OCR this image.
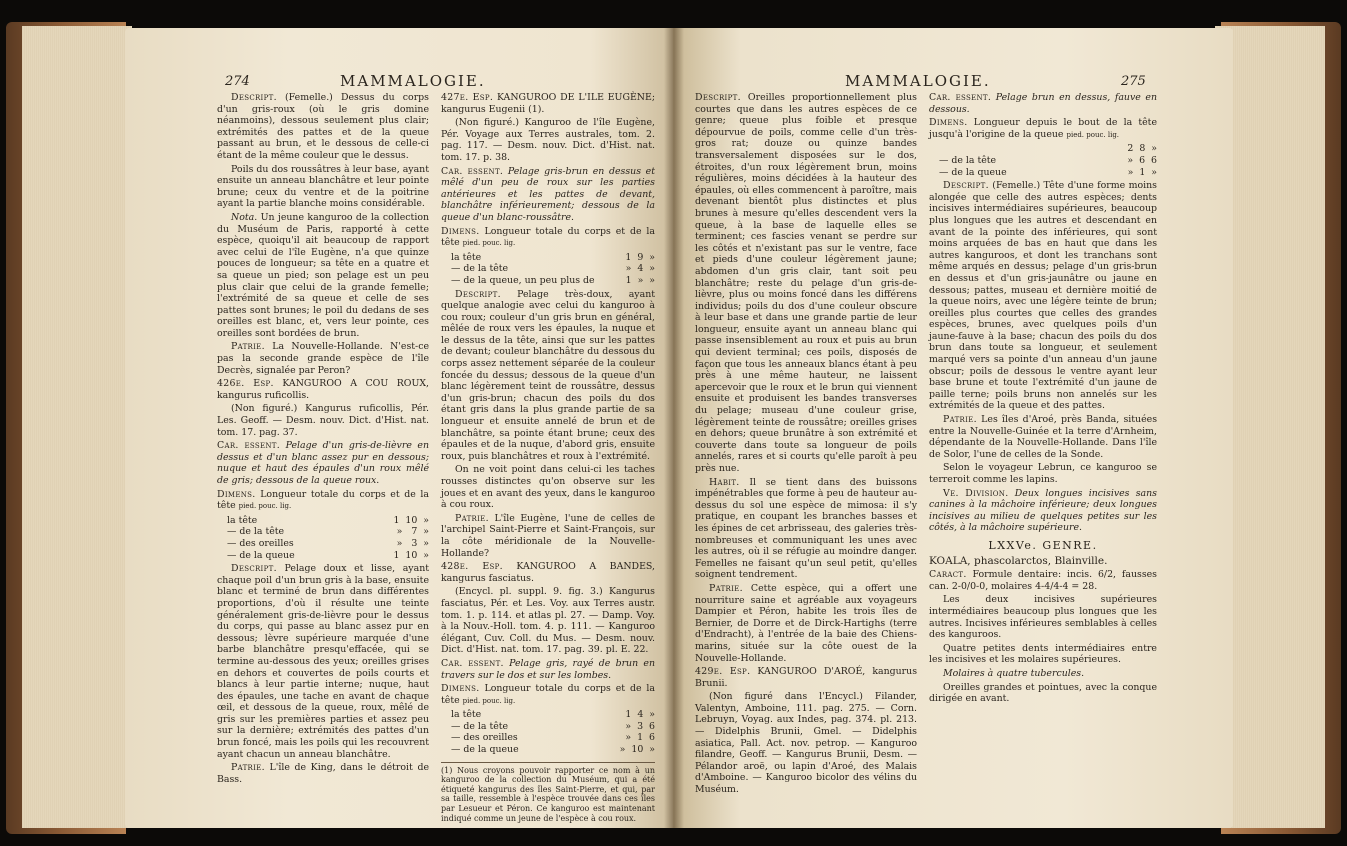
274	MAMMALOGIE.

Descript. (Femelle.) Dessus du corps d'un gris-roux (où le gris domine néanmoins), dessous seulement plus clair; extrémités des pattes et de la queue passant au brun, et le dessous de celle-ci étant de la même couleur que le dessus.

Poils du dos roussâtres à leur base, ayant ensuite un anneau blanchâtre et leur pointe brune; ceux du ventre et de la poitrine ayant la partie blanche moins considérable.

Nota. Un jeune kanguroo de la collection du Muséum de Paris, rapporté à cette espèce, quoiqu'il ait beaucoup de rapport avec celui de l'île Eugène, n'a que quinze pouces de longueur; sa tête en a quatre et sa queue un pied; son pelage est un peu plus clair que celui de la grande femelle; l'extrémité de sa queue et celle de ses pattes sont brunes; le poil du dedans de ses oreilles est blanc, et, vers leur pointe, ces oreilles sont bordées de brun.

Patrie. La Nouvelle-Hollande. N'est-ce pas la seconde grande espèce de l'île Decrès, signalée par Peron?

426e. Esp. KANGUROO A COU ROUX, kangurus ruficollis.

(Non figuré.) Kangurus ruficollis, Pér. Les. Geoff. — Desm. nouv. Dict. d'Hist. nat. tom. 17. pag. 37.

Car. essent. Pelage d'un gris-de-lièvre en dessus et d'un blanc assez pur en dessous; nuque et haut des épaules d'un roux mêlé de gris; dessous de la queue roux.

Dimens. Longueur totale du corps et de la tête pied. pouc. lig.

la tête	1  10  »
— de la tête	»   7  »
— des oreilles	»   3  »
— de la queue	1  10  »

Descript. Pelage doux et lisse, ayant chaque poil d'un brun gris à la base, ensuite blanc et terminé de brun dans différentes proportions, d'où il résulte une teinte généralement gris-de-lièvre pour le dessus du corps, qui passe au blanc assez pur en dessous; lèvre supérieure marquée d'une barbe blanchâtre presqu'effacée, qui se termine au-dessous des yeux; oreilles grises en dehors et couvertes de poils courts et blancs à leur partie interne; nuque, haut des épaules, une tache en avant de chaque œil, et dessous de la queue, roux, mêlé de gris sur les premières parties et assez peu sur la dernière; extrémités des pattes d'un brun foncé, mais les poils qui les recouvrent ayant chacun un anneau blanchâtre.

Patrie. L'île de King, dans le détroit de Bass.

427e. Esp. KANGUROO DE L'ILE EUGÈNE; kangurus Eugenii (1).

(Non figuré.) Kanguroo de l'île Eugène, Pér. Voyage aux Terres australes, tom. 2. pag. 117. — Desm. nouv. Dict. d'Hist. nat. tom. 17. p. 38.

Car. essent. Pelage gris-brun en dessus et mêlé d'un peu de roux sur les parties antérieures et les pattes de devant, blanchâtre inférieurement; dessous de la queue d'un blanc-roussâtre.

Dimens. Longueur totale du corps et de la tête pied. pouc. lig.

la tête	1  9  »
— de la tête	»  4  »
— de la queue, un peu plus de	1  »  »

Descript. Pelage très-doux, ayant quelque analogie avec celui du kanguroo à cou roux; couleur d'un gris brun en général, mêlée de roux vers les épaules, la nuque et le dessus de la tête, ainsi que sur les pattes de devant; couleur blanchâtre du dessous du corps assez nettement séparée de la couleur foncée du dessus; dessous de la queue d'un blanc légèrement teint de roussâtre, dessus d'un gris-brun; chacun des poils du dos étant gris dans la plus grande partie de sa longueur et ensuite annelé de brun et de blanchâtre, sa pointe étant brune; ceux des épaules et de la nuque, d'abord gris, ensuite roux, puis blanchâtres et roux à l'extrémité.

On ne voit point dans celui-ci les taches rousses distinctes qu'on observe sur les joues et en avant des yeux, dans le kanguroo à cou roux.

Patrie. L'île Eugène, l'une de celles de l'archipel Saint-Pierre et Saint-François, sur la côte méridionale de la Nouvelle-Hollande?

428e. Esp. KANGUROO A BANDES, kangurus fasciatus.

(Encycl. pl. suppl. 9. fig. 3.) Kangurus fasciatus, Pér. et Les. Voy. aux Terres austr. tom. 1. p. 114. et atlas pl. 27. — Damp. Voy. à la Nouv.-Holl. tom. 4. p. 111. — Kanguroo élégant, Cuv. Coll. du Mus. — Desm. nouv. Dict. d'Hist. nat. tom. 17. pag. 39. pl. E. 22.

Car. essent. Pelage gris, rayé de brun en travers sur le dos et sur les lombes.

Dimens. Longueur totale du corps et de la tête pied. pouc. lig.

la tête	1  4  »
— de la tête	»  3  6
— des oreilles	»  1  6
— de la queue	»  10  »
(1) Nous croyons pouvoir rapporter ce nom à un kanguroo de la collection du Muséum, qui a été étiqueté kangurus des îles Saint-Pierre, et qui, par sa taille, ressemble à l'espèce trouvée dans ces îles par Lesueur et Péron. Ce kanguroo est maintenant indiqué comme un jeune de l'espèce à cou roux.
MAMMALOGIE.	275

Descript. Oreilles proportionnellement plus courtes que dans les autres espèces de ce genre; queue plus foible et presque dépourvue de poils, comme celle d'un très-gros rat; douze ou quinze bandes transversalement disposées sur le dos, étroites, d'un roux légèrement brun, moins régulières, moins décidées à la hauteur des épaules, où elles commencent à paroître, mais devenant bientôt plus distinctes et plus brunes à mesure qu'elles descendent vers la queue, à la base de laquelle elles se terminent; ces fascies venant se perdre sur les côtés et n'existant pas sur le ventre, face et pieds d'une couleur légèrement jaune; abdomen d'un gris clair, tant soit peu blanchâtre; reste du pelage d'un gris-de-lièvre, plus ou moins foncé dans les différens individus; poils du dos d'une couleur obscure à leur base et dans une grande partie de leur longueur, ensuite ayant un anneau blanc qui passe insensiblement au roux et puis au brun qui devient terminal; ces poils, disposés de façon que tous les anneaux blancs étant à peu près à une même hauteur, ne laissent apercevoir que le roux et le brun qui viennent ensuite et produisent les bandes transverses du pelage; museau d'une couleur grise, légèrement teinte de roussâtre; oreilles grises en dehors; queue brunâtre à son extrémité et couverte dans toute sa longueur de poils annelés, rares et si courts qu'elle paroît à peu près nue.

Habit. Il se tient dans des buissons impénétrables que forme à peu de hauteur au-dessus du sol une espèce de mimosa: il s'y pratique, en coupant les branches basses et les épines de cet arbrisseau, des galeries très-nombreuses et communiquant les unes avec les autres, où il se réfugie au moindre danger. Femelles ne faisant qu'un seul petit, qu'elles soignent tendrement.

Patrie. Cette espèce, qui a offert une nourriture saine et agréable aux voyageurs Dampier et Péron, habite les trois îles de Bernier, de Dorre et de Dirck-Hartighs (terre d'Endracht), à l'entrée de la baie des Chiens-marins, située sur la côte ouest de la Nouvelle-Hollande.

429e. Esp. KANGUROO D'AROÉ, kangurus Brunii.

(Non figuré dans l'Encycl.) Filander, Valentyn, Amboine, 111. pag. 275. — Corn. Lebruyn, Voyag. aux Indes, pag. 374. pl. 213. — Didelphis Brunii, Gmel. — Didelphis asiatica, Pall. Act. nov. petrop. — Kanguroo filandre, Geoff. — Kangurus Brunii, Desm. — Pélandor aroë, ou lapin d'Aroé, des Malais d'Amboine. — Kanguroo bicolor des vélins du Muséum.

Car. essent. Pelage brun en dessus, fauve en dessous.

Dimens. Longueur depuis le bout de la tête jusqu'à l'origine de la queue pied. pouc. lig.

2  8  »
— de la tête	»  6  6
— de la queue	»  1  »

Descript. (Femelle.) Tête d'une forme moins alongée que celle des autres espèces; dents incisives intermédiaires supérieures, beaucoup plus longues que les autres et descendant en avant de la pointe des inférieures, qui sont moins arquées de bas en haut que dans les autres kanguroos, et dont les tranchans sont même arqués en dessus; pelage d'un gris-brun en dessus et d'un gris-jaunâtre ou jaune en dessous; pattes, museau et dernière moitié de la queue noirs, avec une légère teinte de brun; oreilles plus courtes que celles des grandes espèces, brunes, avec quelques poils d'un jaune-fauve à la base; chacun des poils du dos brun dans toute sa longueur, et seulement marqué vers sa pointe d'un anneau d'un jaune obscur; poils de dessous le ventre ayant leur base brune et toute l'extrémité d'un jaune de paille terne; poils bruns non annelés sur les extrémités de la queue et des pattes.

Patrie. Les îles d'Aroé, près Banda, situées entre la Nouvelle-Guinée et la terre d'Arnheim, dépendante de la Nouvelle-Hollande. Dans l'île de Solor, l'une de celles de la Sonde.

Selon le voyageur Lebrun, ce kanguroo se terreroit comme les lapins.

Ve. Division. Deux longues incisives sans canines à la mâchoire inférieure; deux longues incisives au milieu de quelques petites sur les côtés, à la mâchoire supérieure.

LXXVe. GENRE.
KOALA, phascolarctos, Blainville.

Caract. Formule dentaire: incis. 6/2, fausses can. 2-0/0-0, molaires 4-4/4-4 = 28.

Les deux incisives supérieures intermédiaires beaucoup plus longues que les autres. Incisives inférieures semblables à celles des kanguroos.

Quatre petites dents intermédiaires entre les incisives et les molaires supérieures.

Molaires à quatre tubercules.

Oreilles grandes et pointues, avec la conque dirigée en avant.
